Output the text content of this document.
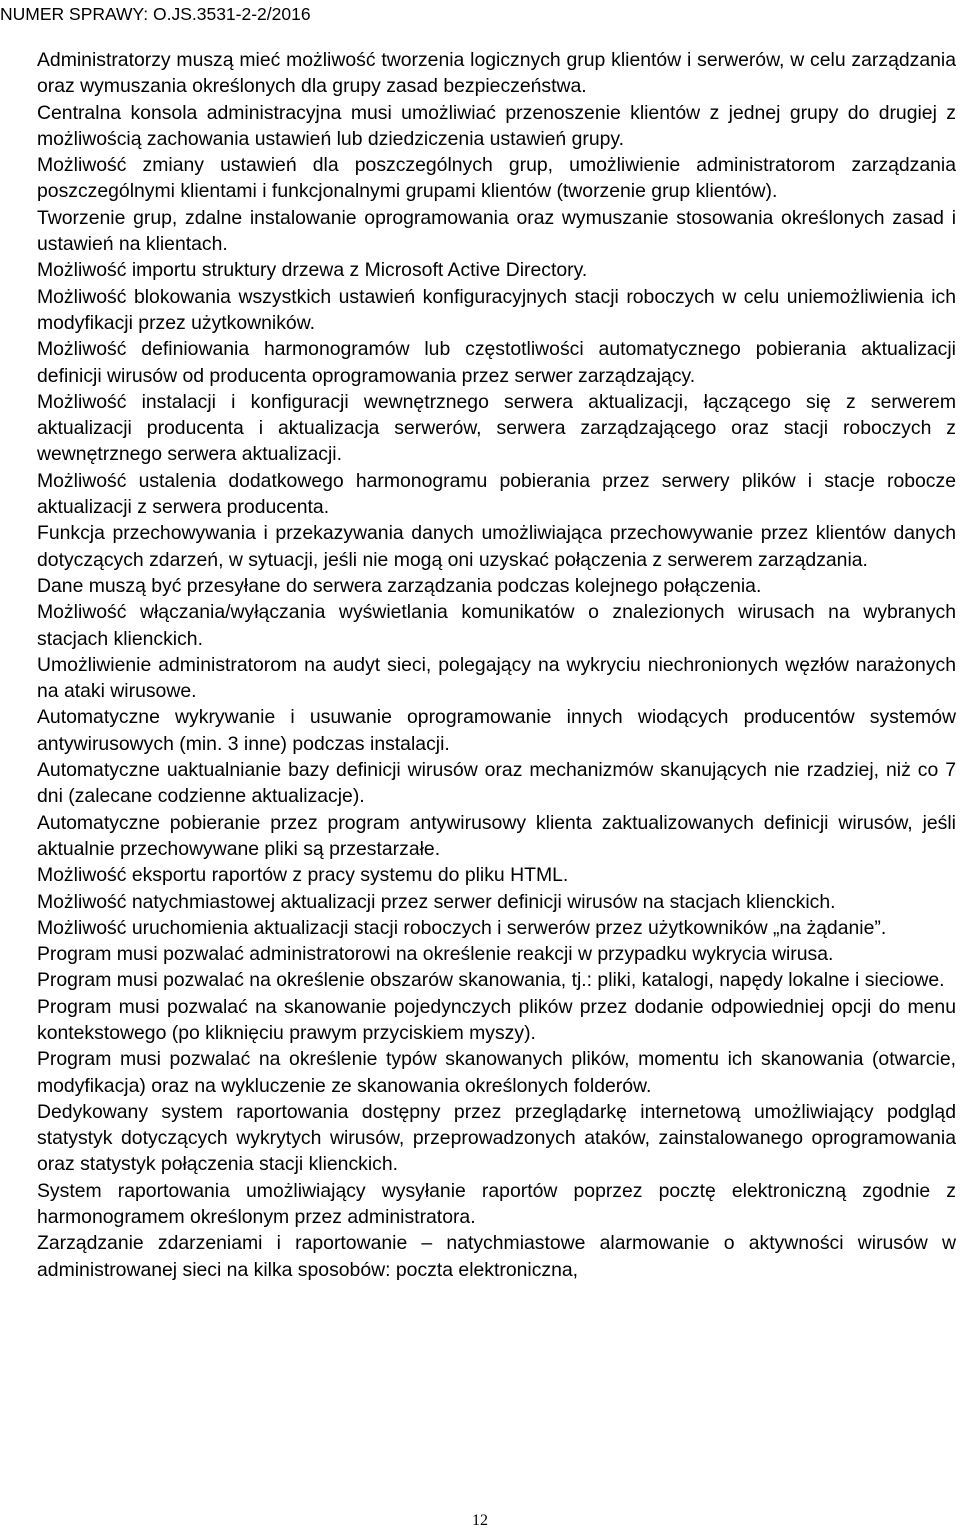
NUMER SPRAWY: O.JS.3531-2-2/2016

Administratorzy muszą mieć możliwość tworzenia logicznych grup klientów i serwerów, w celu zarządzania oraz wymuszania określonych dla grupy zasad bezpieczeństwa.

Centralna konsola administracyjna musi umożliwiać przenoszenie klientów z jednej grupy do drugiej z możliwością zachowania ustawień lub dziedziczenia ustawień grupy.

Możliwość zmiany ustawień dla poszczególnych grup, umożliwienie administratorom zarządzania poszczególnymi klientami i funkcjonalnymi grupami klientów (tworzenie grup klientów).

Tworzenie grup, zdalne instalowanie oprogramowania oraz wymuszanie stosowania określonych zasad i ustawień na klientach.

Możliwość importu struktury drzewa z Microsoft Active Directory.

Możliwość blokowania wszystkich ustawień konfiguracyjnych stacji roboczych w celu uniemożliwienia ich modyfikacji przez użytkowników.

Możliwość definiowania harmonogramów lub częstotliwości automatycznego pobierania aktualizacji definicji wirusów od producenta oprogramowania przez serwer zarządzający.

Możliwość instalacji i konfiguracji wewnętrznego serwera aktualizacji, łączącego się z serwerem aktualizacji producenta i aktualizacja serwerów, serwera zarządzającego oraz stacji roboczych z wewnętrznego serwera aktualizacji.

Możliwość ustalenia dodatkowego harmonogramu pobierania przez serwery plików i stacje robocze aktualizacji z serwera producenta.

Funkcja przechowywania i przekazywania danych umożliwiająca przechowywanie przez klientów danych dotyczących zdarzeń, w sytuacji, jeśli nie mogą oni uzyskać połączenia z serwerem zarządzania.

Dane muszą być przesyłane do serwera zarządzania podczas kolejnego połączenia.

Możliwość włączania/wyłączania wyświetlania komunikatów o znalezionych wirusach na wybranych stacjach klienckich.

Umożliwienie administratorom na audyt sieci, polegający na wykryciu niechronionych węzłów narażonych na ataki wirusowe.

Automatyczne wykrywanie i usuwanie oprogramowanie innych wiodących producentów systemów antywirusowych (min. 3 inne) podczas instalacji.

Automatyczne uaktualnianie bazy definicji wirusów oraz mechanizmów skanujących nie rzadziej, niż co 7 dni (zalecane codzienne aktualizacje).

Automatyczne pobieranie przez program antywirusowy klienta zaktualizowanych definicji wirusów, jeśli aktualnie przechowywane pliki są przestarzałe.

Możliwość eksportu raportów z pracy systemu do pliku HTML.

Możliwość natychmiastowej aktualizacji przez serwer definicji wirusów na stacjach klienckich.

Możliwość uruchomienia aktualizacji stacji roboczych i serwerów przez użytkowników „na żądanie”.

Program musi pozwalać administratorowi na określenie reakcji w przypadku wykrycia wirusa.

Program musi pozwalać na określenie obszarów skanowania, tj.: pliki, katalogi, napędy lokalne i sieciowe.

Program musi pozwalać na skanowanie pojedynczych plików przez dodanie odpowiedniej opcji do menu kontekstowego (po kliknięciu prawym przyciskiem myszy).

Program musi pozwalać na określenie typów skanowanych plików, momentu ich skanowania (otwarcie, modyfikacja) oraz na wykluczenie ze skanowania określonych folderów.

Dedykowany system raportowania dostępny przez przeglądarkę internetową umożliwiający podgląd statystyk dotyczących wykrytych wirusów, przeprowadzonych ataków, zainstalowanego oprogramowania oraz statystyk połączenia stacji klienckich.

System raportowania umożliwiający wysyłanie raportów poprzez pocztę elektroniczną zgodnie z harmonogramem określonym przez administratora.

Zarządzanie zdarzeniami i raportowanie – natychmiastowe alarmowanie o aktywności wirusów w administrowanej sieci na kilka sposobów: poczta elektroniczna,

12
